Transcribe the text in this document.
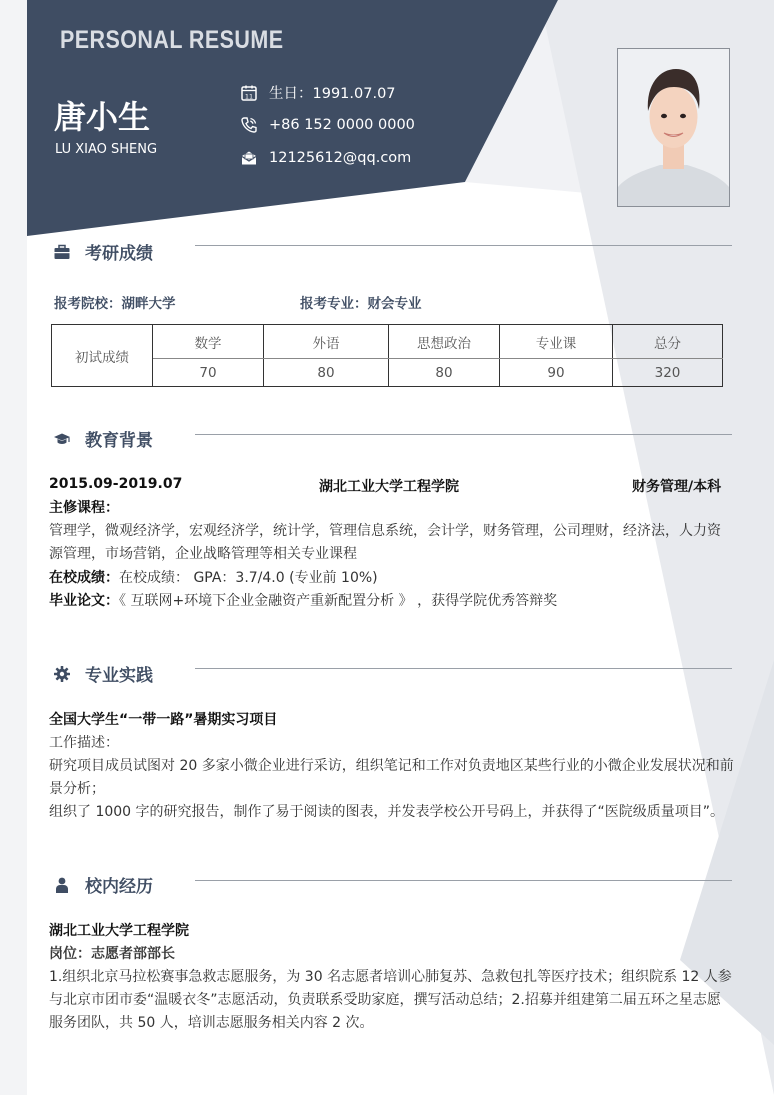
PERSONAL RESUME
唐小生
LU XIAO SHENG
11 生日：1991.07.07
+86 152 0000 0000
12125612@qq.com
考研成绩
报考院校：湖畔大学	报考专业：财会专业
初试成绩	数学	外语	思想政治	专业课	总分
	70	80	80	90	320
教育背景
2015.09-2019.07	湖北工业大学工程学院	财务管理/本科
主修课程：
管理学，微观经济学，宏观经济学，统计学，管理信息系统，会计学，财务管理，公司理财，经济法，人力资源管理，市场营销，企业战略管理等相关专业课程
在校成绩：在校成绩： GPA：3.7/4.0 (专业前 10%)
毕业论文：《 互联网+环境下企业金融资产重新配置分析 》 ，获得学院优秀答辩奖
专业实践
全国大学生“一带一路”暑期实习项目
工作描述：
研究项目成员试图对 20 多家小微企业进行采访，组织笔记和工作对负责地区某些行业的小微企业发展状况和前景分析；
组织了 1000 字的研究报告，制作了易于阅读的图表，并发表学校公开号码上，并获得了“医院级质量项目”。
校内经历
湖北工业大学工程学院
岗位：志愿者部部长
1.组织北京马拉松赛事急救志愿服务，为 30 名志愿者培训心肺复苏、急救包扎等医疗技术；组织院系 12 人参与北京市团市委“温暖衣冬”志愿活动，负责联系受助家庭，撰写活动总结；2.招募并组建第二届五环之星志愿服务团队，共 50 人，培训志愿服务相关内容 2 次。
